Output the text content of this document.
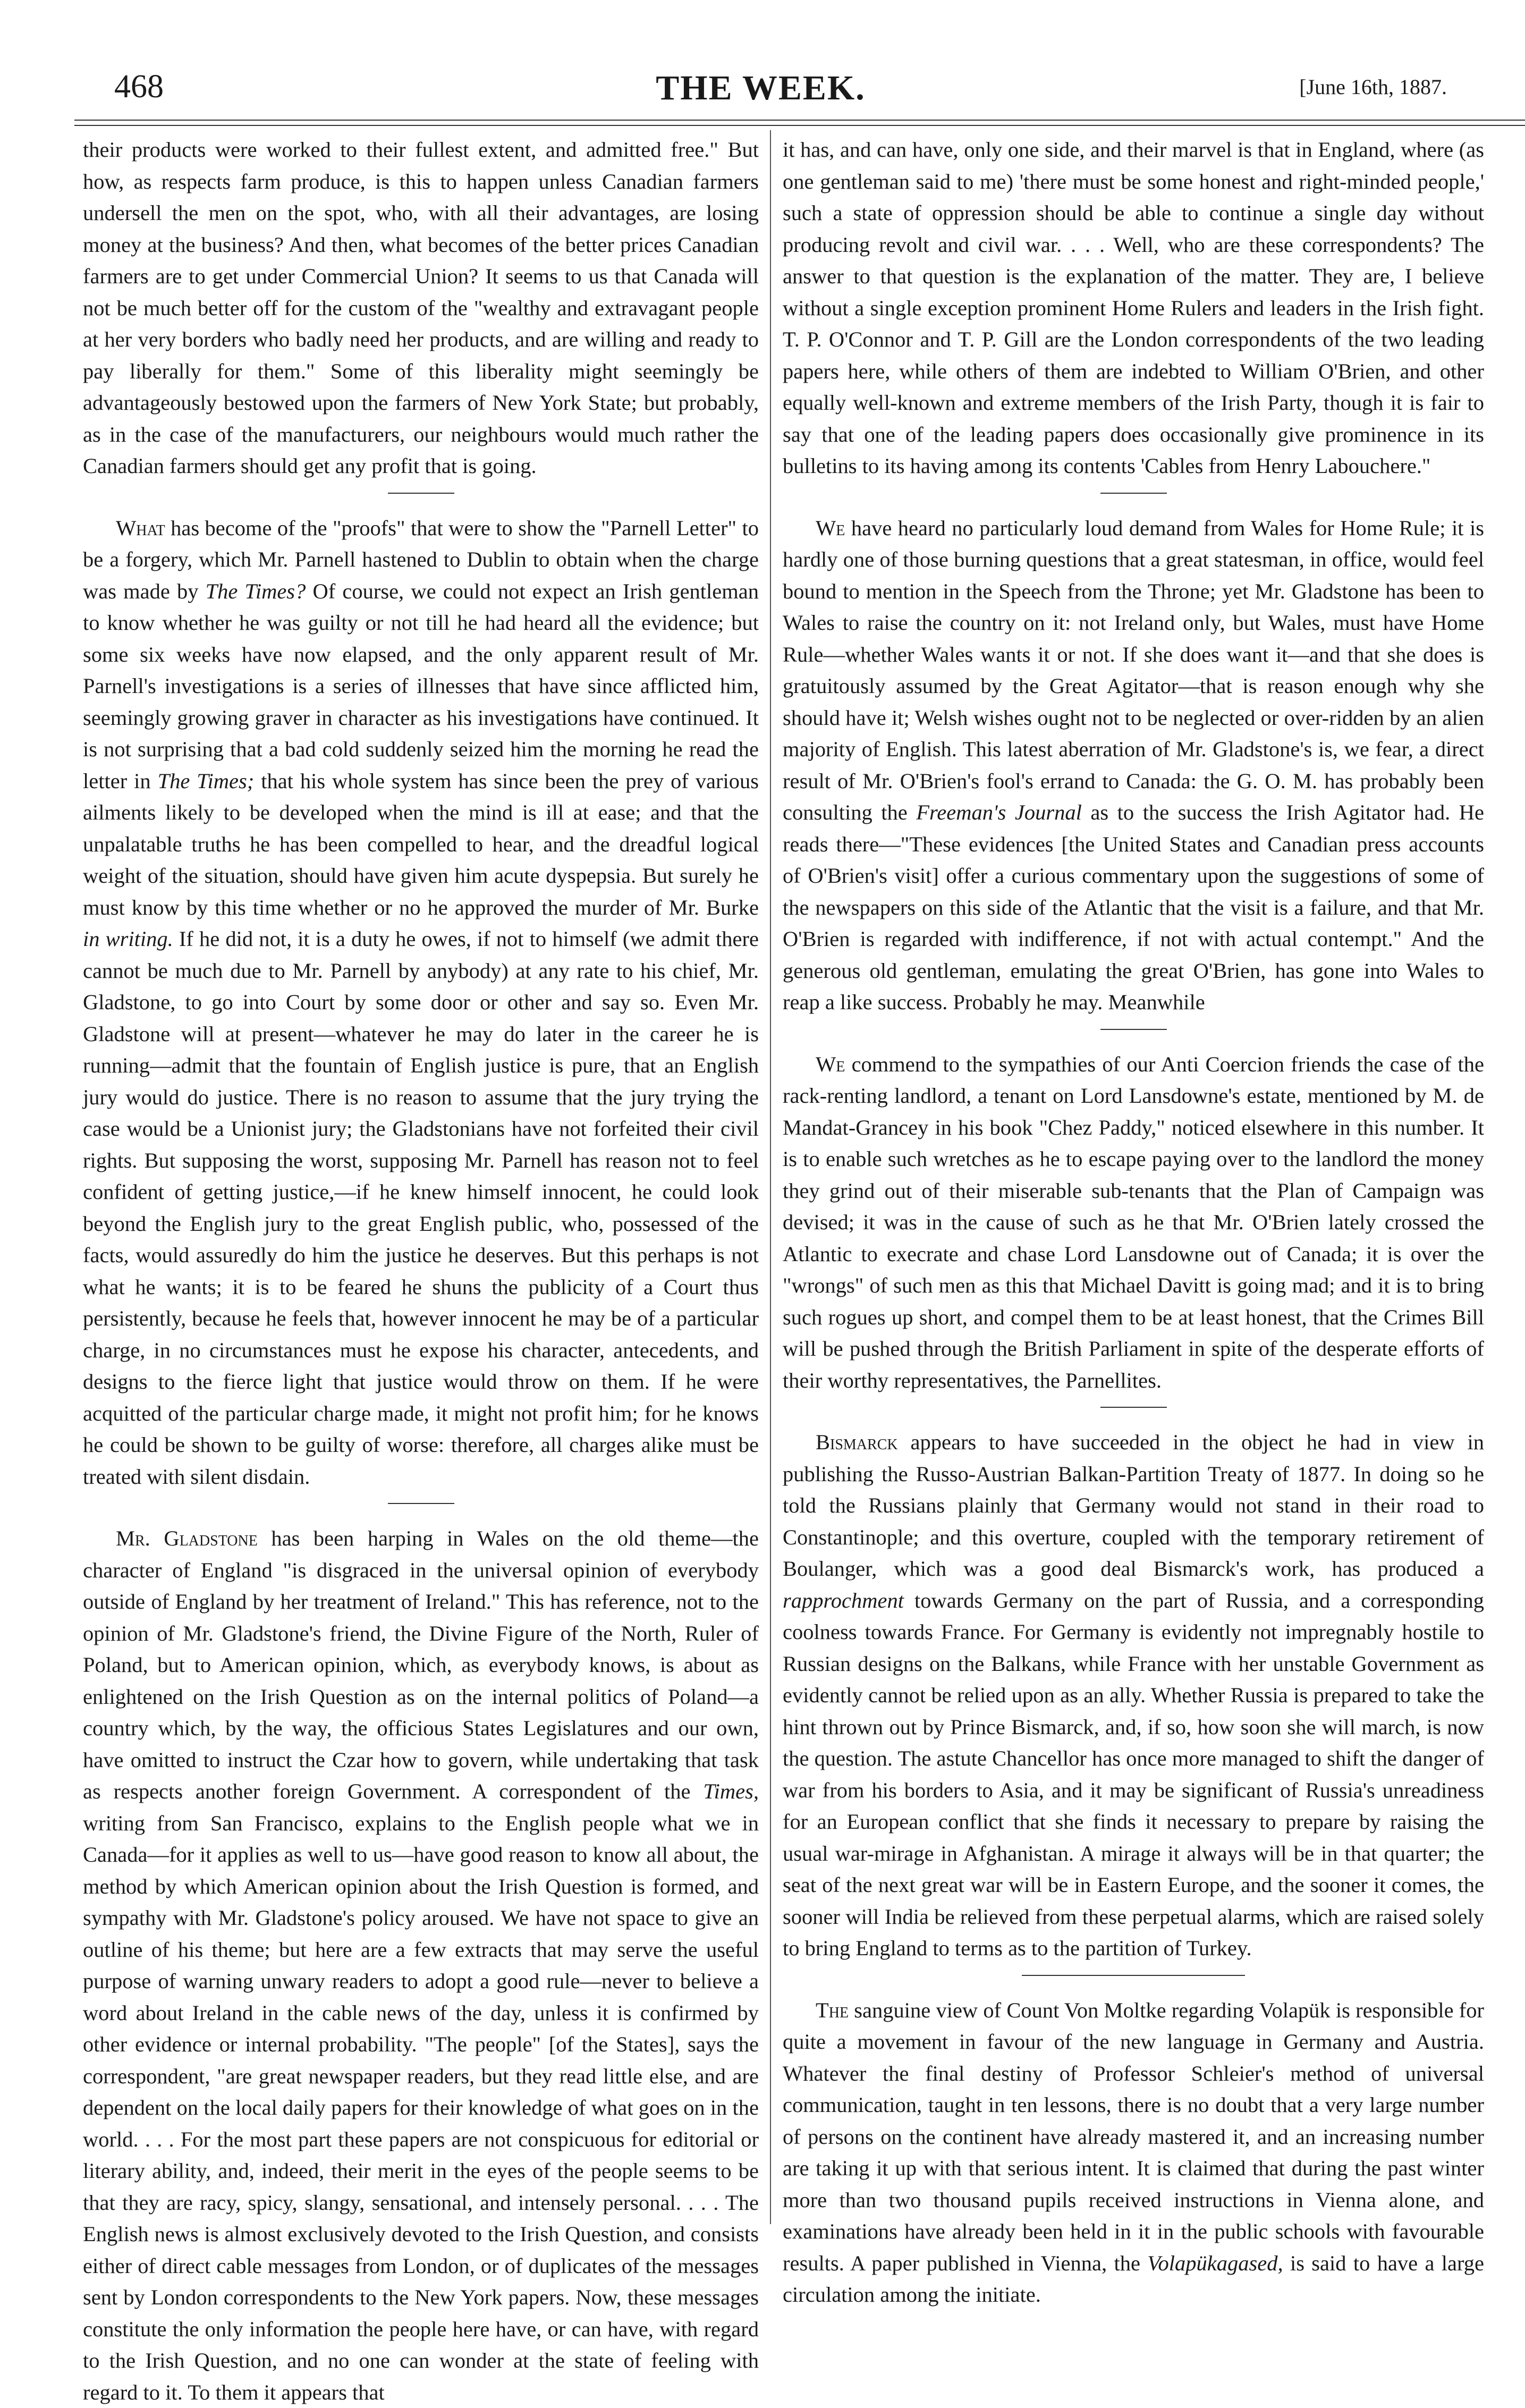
468	THE WEEK.	[June 16th, 1887.

their products were worked to their fullest extent, and admitted free." But how, as respects farm produce, is this to happen unless Canadian farmers undersell the men on the spot, who, with all their advantages, are losing money at the business? And then, what becomes of the better prices Canadian farmers are to get under Commercial Union? It seems to us that Canada will not be much better off for the custom of the "wealthy and extravagant people at her very borders who badly need her products, and are willing and ready to pay liberally for them." Some of this liberality might seemingly be advantageously bestowed upon the farmers of New York State; but probably, as in the case of the manufacturers, our neighbours would much rather the Canadian farmers should get any profit that is going.

What has become of the "proofs" that were to show the "Parnell Letter" to be a forgery, which Mr. Parnell hastened to Dublin to obtain when the charge was made by The Times? Of course, we could not expect an Irish gentleman to know whether he was guilty or not till he had heard all the evidence; but some six weeks have now elapsed, and the only apparent result of Mr. Parnell's investigations is a series of illnesses that have since afflicted him, seemingly growing graver in character as his investigations have continued. It is not surprising that a bad cold suddenly seized him the morning he read the letter in The Times; that his whole system has since been the prey of various ailments likely to be developed when the mind is ill at ease; and that the unpalatable truths he has been compelled to hear, and the dreadful logical weight of the situation, should have given him acute dyspepsia. But surely he must know by this time whether or no he approved the murder of Mr. Burke in writing. If he did not, it is a duty he owes, if not to himself (we admit there cannot be much due to Mr. Parnell by anybody) at any rate to his chief, Mr. Gladstone, to go into Court by some door or other and say so. Even Mr. Gladstone will at present—whatever he may do later in the career he is running—admit that the fountain of English justice is pure, that an English jury would do justice. There is no reason to assume that the jury trying the case would be a Unionist jury; the Gladstonians have not forfeited their civil rights. But supposing the worst, supposing Mr. Parnell has reason not to feel confident of getting justice,—if he knew himself innocent, he could look beyond the English jury to the great English public, who, possessed of the facts, would assuredly do him the justice he deserves. But this perhaps is not what he wants; it is to be feared he shuns the publicity of a Court thus persistently, because he feels that, however innocent he may be of a particular charge, in no circumstances must he expose his character, antecedents, and designs to the fierce light that justice would throw on them. If he were acquitted of the particular charge made, it might not profit him; for he knows he could be shown to be guilty of worse: therefore, all charges alike must be treated with silent disdain.

Mr. Gladstone has been harping in Wales on the old theme—the character of England "is disgraced in the universal opinion of everybody outside of England by her treatment of Ireland." This has reference, not to the opinion of Mr. Gladstone's friend, the Divine Figure of the North, Ruler of Poland, but to American opinion, which, as everybody knows, is about as enlightened on the Irish Question as on the internal politics of Poland—a country which, by the way, the officious States Legislatures and our own, have omitted to instruct the Czar how to govern, while undertaking that task as respects another foreign Government. A correspondent of the Times, writing from San Francisco, explains to the English people what we in Canada—for it applies as well to us—have good reason to know all about, the method by which American opinion about the Irish Question is formed, and sympathy with Mr. Gladstone's policy aroused. We have not space to give an outline of his theme; but here are a few extracts that may serve the useful purpose of warning unwary readers to adopt a good rule—never to believe a word about Ireland in the cable news of the day, unless it is confirmed by other evidence or internal probability. "The people" [of the States], says the correspondent, "are great newspaper readers, but they read little else, and are dependent on the local daily papers for their knowledge of what goes on in the world. . . . For the most part these papers are not conspicuous for editorial or literary ability, and, indeed, their merit in the eyes of the people seems to be that they are racy, spicy, slangy, sensational, and intensely personal. . . . The English news is almost exclusively devoted to the Irish Question, and consists either of direct cable messages from London, or of duplicates of the messages sent by London correspondents to the New York papers. Now, these messages constitute the only information the people here have, or can have, with regard to the Irish Question, and no one can wonder at the state of feeling with regard to it. To them it appears that

it has, and can have, only one side, and their marvel is that in England, where (as one gentleman said to me) 'there must be some honest and right-minded people,' such a state of oppression should be able to continue a single day without producing revolt and civil war. . . . Well, who are these correspondents? The answer to that question is the explanation of the matter. They are, I believe without a single exception prominent Home Rulers and leaders in the Irish fight. T. P. O'Connor and T. P. Gill are the London correspondents of the two leading papers here, while others of them are indebted to William O'Brien, and other equally well-known and extreme members of the Irish Party, though it is fair to say that one of the leading papers does occasionally give prominence in its bulletins to its having among its contents 'Cables from Henry Labouchere."

We have heard no particularly loud demand from Wales for Home Rule; it is hardly one of those burning questions that a great statesman, in office, would feel bound to mention in the Speech from the Throne; yet Mr. Gladstone has been to Wales to raise the country on it: not Ireland only, but Wales, must have Home Rule—whether Wales wants it or not. If she does want it—and that she does is gratuitously assumed by the Great Agitator—that is reason enough why she should have it; Welsh wishes ought not to be neglected or over-ridden by an alien majority of English. This latest aberration of Mr. Gladstone's is, we fear, a direct result of Mr. O'Brien's fool's errand to Canada: the G. O. M. has probably been consulting the Freeman's Journal as to the success the Irish Agitator had. He reads there—"These evidences [the United States and Canadian press accounts of O'Brien's visit] offer a curious commentary upon the suggestions of some of the newspapers on this side of the Atlantic that the visit is a failure, and that Mr. O'Brien is regarded with indifference, if not with actual contempt." And the generous old gentleman, emulating the great O'Brien, has gone into Wales to reap a like success. Probably he may. Meanwhile

We commend to the sympathies of our Anti Coercion friends the case of the rack-renting landlord, a tenant on Lord Lansdowne's estate, mentioned by M. de Mandat-Grancey in his book "Chez Paddy," noticed elsewhere in this number. It is to enable such wretches as he to escape paying over to the landlord the money they grind out of their miserable sub-tenants that the Plan of Campaign was devised; it was in the cause of such as he that Mr. O'Brien lately crossed the Atlantic to execrate and chase Lord Lansdowne out of Canada; it is over the "wrongs" of such men as this that Michael Davitt is going mad; and it is to bring such rogues up short, and compel them to be at least honest, that the Crimes Bill will be pushed through the British Parliament in spite of the desperate efforts of their worthy representatives, the Parnellites.

Bismarck appears to have succeeded in the object he had in view in publishing the Russo-Austrian Balkan-Partition Treaty of 1877. In doing so he told the Russians plainly that Germany would not stand in their road to Constantinople; and this overture, coupled with the temporary retirement of Boulanger, which was a good deal Bismarck's work, has produced a rapprochment towards Germany on the part of Russia, and a corresponding coolness towards France. For Germany is evidently not impregnably hostile to Russian designs on the Balkans, while France with her unstable Government as evidently cannot be relied upon as an ally. Whether Russia is prepared to take the hint thrown out by Prince Bismarck, and, if so, how soon she will march, is now the question. The astute Chancellor has once more managed to shift the danger of war from his borders to Asia, and it may be significant of Russia's unreadiness for an European conflict that she finds it necessary to prepare by raising the usual war-mirage in Afghanistan. A mirage it always will be in that quarter; the seat of the next great war will be in Eastern Europe, and the sooner it comes, the sooner will India be relieved from these perpetual alarms, which are raised solely to bring England to terms as to the partition of Turkey.

The sanguine view of Count Von Moltke regarding Volapük is responsible for quite a movement in favour of the new language in Germany and Austria. Whatever the final destiny of Professor Schleier's method of universal communication, taught in ten lessons, there is no doubt that a very large number of persons on the continent have already mastered it, and an increasing number are taking it up with that serious intent. It is claimed that during the past winter more than two thousand pupils received instructions in Vienna alone, and examinations have already been held in it in the public schools with favourable results. A paper published in Vienna, the Volapükagased, is said to have a large circulation among the initiate.
